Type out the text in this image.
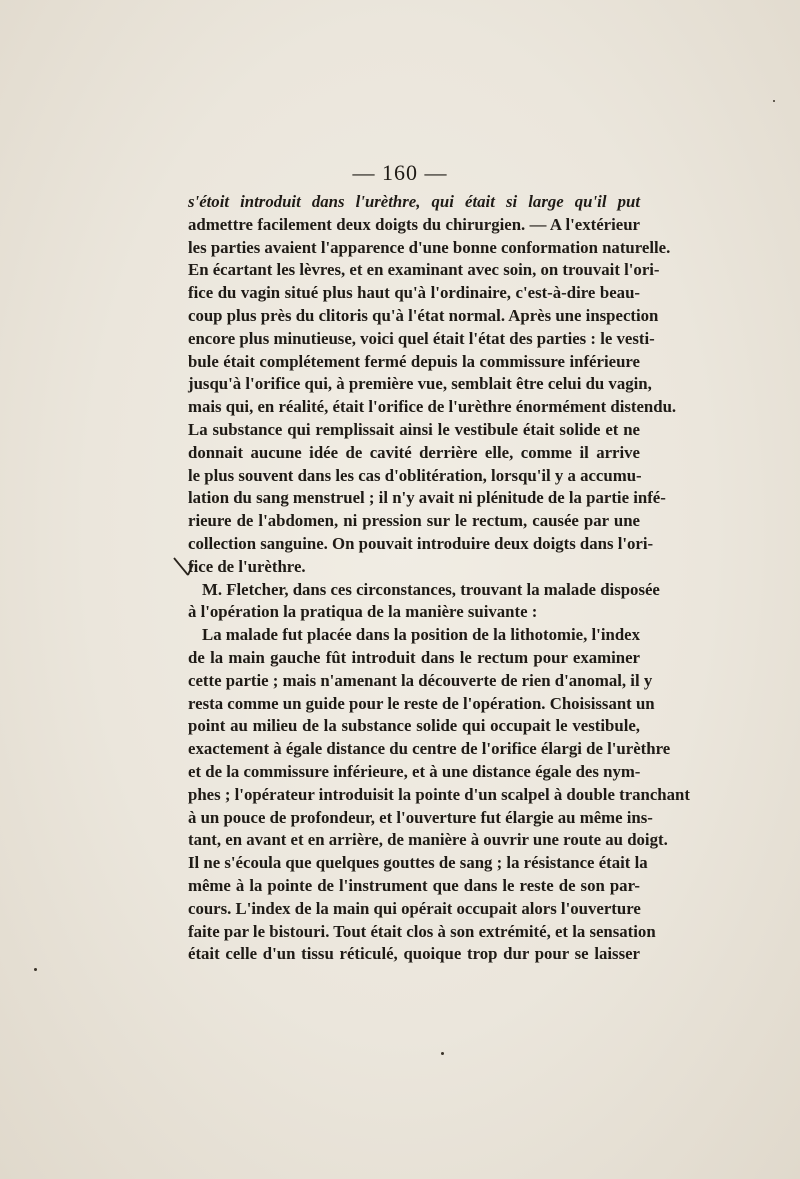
— 160 —
s'étoit introduit dans l'urèthre, qui était si large qu'il put
admettre facilement deux doigts du chirurgien. — A l'extérieur
les parties avaient l'apparence d'une bonne conformation naturelle.
En écartant les lèvres, et en examinant avec soin, on trouvait l'ori-
fice du vagin situé plus haut qu'à l'ordinaire, c'est-à-dire beau-
coup plus près du clitoris qu'à l'état normal. Après une inspection
encore plus minutieuse, voici quel était l'état des parties : le vesti-
bule était complétement fermé depuis la commissure inférieure
jusqu'à l'orifice qui, à première vue, semblait être celui du vagin,
mais qui, en réalité, était l'orifice de l'urèthre énormément distendu.
La substance qui remplissait ainsi le vestibule était solide et ne
donnait aucune idée de cavité derrière elle, comme il arrive
le plus souvent dans les cas d'oblitération, lorsqu'il y a accumu-
lation du sang menstruel ; il n'y avait ni plénitude de la partie infé-
rieure de l'abdomen, ni pression sur le rectum, causée par une
collection sanguine. On pouvait introduire deux doigts dans l'ori-
fice de l'urèthre.
M. Fletcher, dans ces circonstances, trouvant la malade disposée
à l'opération la pratiqua de la manière suivante :
La malade fut placée dans la position de la lithotomie, l'index
de la main gauche fût introduit dans le rectum pour examiner
cette partie ; mais n'amenant la découverte de rien d'anomal, il y
resta comme un guide pour le reste de l'opération. Choisissant un
point au milieu de la substance solide qui occupait le vestibule,
exactement à égale distance du centre de l'orifice élargi de l'urèthre
et de la commissure inférieure, et à une distance égale des nym-
phes ; l'opérateur introduisit la pointe d'un scalpel à double tranchant
à un pouce de profondeur, et l'ouverture fut élargie au même ins-
tant, en avant et en arrière, de manière à ouvrir une route au doigt.
Il ne s'écoula que quelques gouttes de sang ; la résistance était la
même à la pointe de l'instrument que dans le reste de son par-
cours. L'index de la main qui opérait occupait alors l'ouverture
faite par le bistouri. Tout était clos à son extrémité, et la sensation
était celle d'un tissu réticulé, quoique trop dur pour se laisser
